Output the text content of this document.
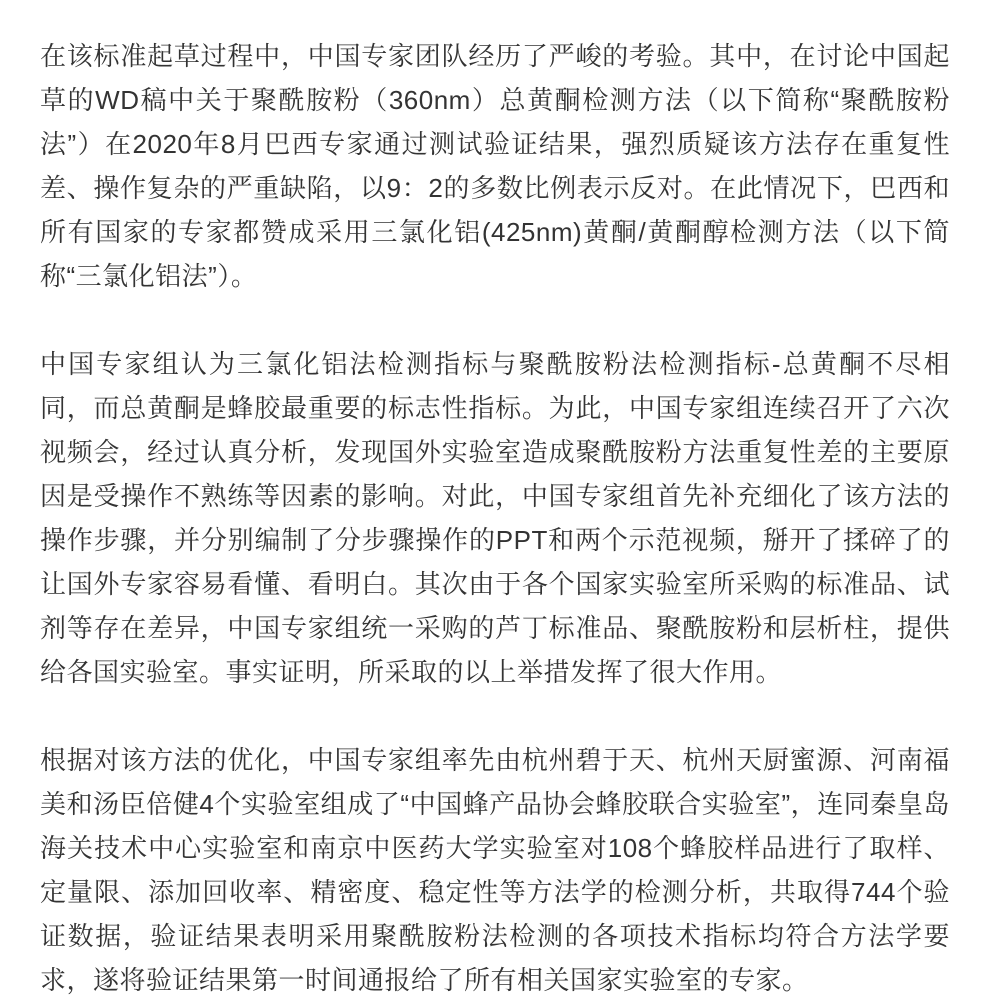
在该标准起草过程中，中国专家团队经历了严峻的考验。其中，在讨论中国起草的WD稿中关于聚酰胺粉（360nm）总黄酮检测方法（以下简称“聚酰胺粉法”）在2020年8月巴西专家通过测试验证结果，强烈质疑该方法存在重复性差、操作复杂的严重缺陷，以9：2的多数比例表示反对。在此情况下，巴西和所有国家的专家都赞成采用三氯化铝(425nm)黄酮/黄酮醇检测方法（以下简称“三氯化铝法”）。

中国专家组认为三氯化铝法检测指标与聚酰胺粉法检测指标-总黄酮不尽相同，而总黄酮是蜂胶最重要的标志性指标。为此，中国专家组连续召开了六次视频会，经过认真分析，发现国外实验室造成聚酰胺粉方法重复性差的主要原因是受操作不熟练等因素的影响。对此，中国专家组首先补充细化了该方法的操作步骤，并分别编制了分步骤操作的PPT和两个示范视频，掰开了揉碎了的让国外专家容易看懂、看明白。其次由于各个国家实验室所采购的标准品、试剂等存在差异，中国专家组统一采购的芦丁标准品、聚酰胺粉和层析柱，提供给各国实验室。事实证明，所采取的以上举措发挥了很大作用。

根据对该方法的优化，中国专家组率先由杭州碧于天、杭州天厨蜜源、河南福美和汤臣倍健4个实验室组成了“中国蜂产品协会蜂胶联合实验室”，连同秦皇岛海关技术中心实验室和南京中医药大学实验室对108个蜂胶样品进行了取样、定量限、添加回收率、精密度、稳定性等方法学的检测分析，共取得744个验证数据，验证结果表明采用聚酰胺粉法检测的各项技术指标均符合方法学要求，遂将验证结果第一时间通报给了所有相关国家实验室的专家。
